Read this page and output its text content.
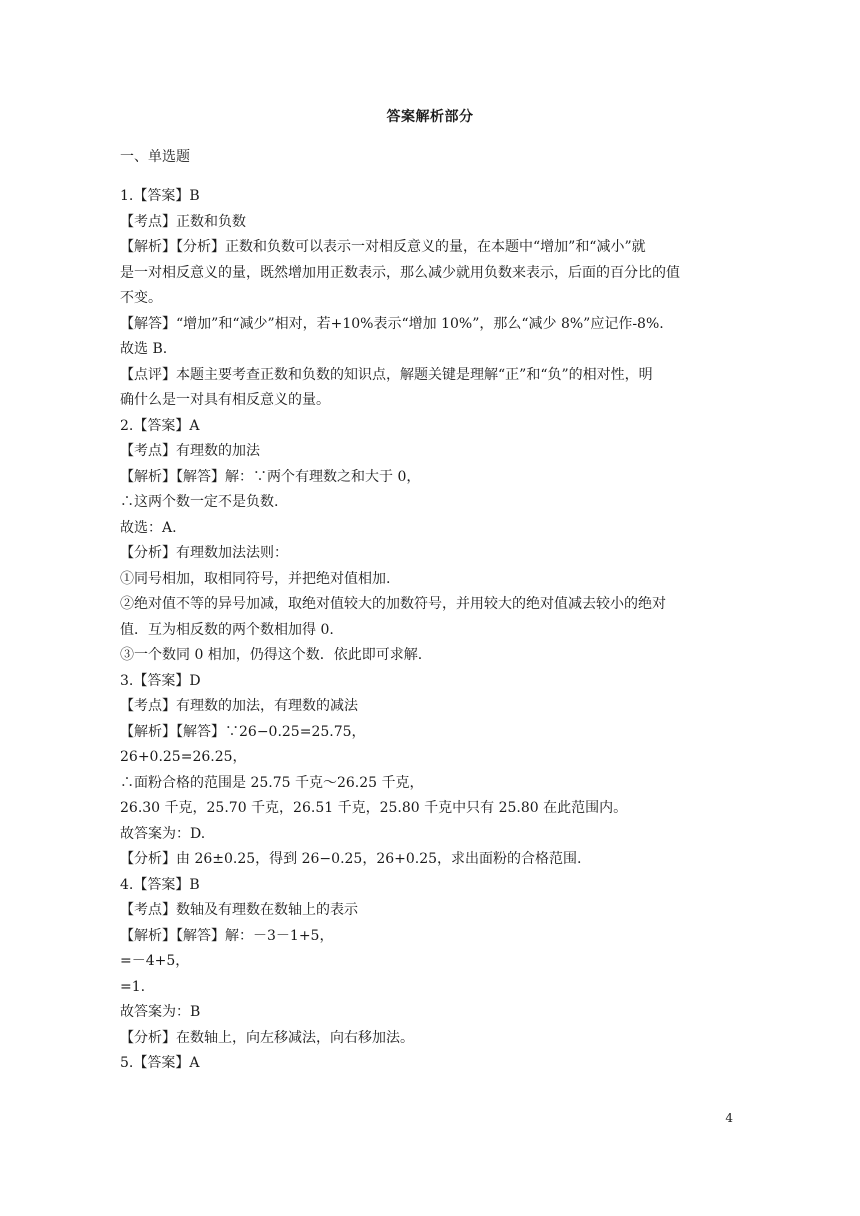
答案解析部分
一、单选题
1.【答案】B
【考点】正数和负数
【解析】【分析】正数和负数可以表示一对相反意义的量，在本题中“增加”和“减小”就
是一对相反意义的量，既然增加用正数表示，那么减少就用负数来表示，后面的百分比的值
不变。
【解答】“增加”和“减少”相对，若+10%表示“增加 10%”，那么“减少 8%”应记作-8%.
故选 B.
【点评】本题主要考查正数和负数的知识点，解题关键是理解“正”和“负”的相对性，明
确什么是一对具有相反意义的量。
2.【答案】A
【考点】有理数的加法
【解析】【解答】解：∵两个有理数之和大于 0，
∴这两个数一定不是负数.
故选：A.
【分析】有理数加法法则：
①同号相加，取相同符号，并把绝对值相加.
②绝对值不等的异号加减，取绝对值较大的加数符号，并用较大的绝对值减去较小的绝对
值．互为相反数的两个数相加得 0.
③一个数同 0 相加，仍得这个数．依此即可求解.
3.【答案】D
【考点】有理数的加法，有理数的减法
【解析】【解答】∵26−0.25=25.75，
26+0.25=26.25，
∴面粉合格的范围是 25.75 千克～26.25 千克，
26.30 千克，25.70 千克，26.51 千克，25.80 千克中只有 25.80 在此范围内。
故答案为：D.
【分析】由 26±0.25，得到 26−0.25，26+0.25，求出面粉的合格范围.
4.【答案】B
【考点】数轴及有理数在数轴上的表示
【解析】【解答】解：－3－1+5，
=－4+5，
=1.
故答案为：B
【分析】在数轴上，向左移减法，向右移加法。
5.【答案】A
4
